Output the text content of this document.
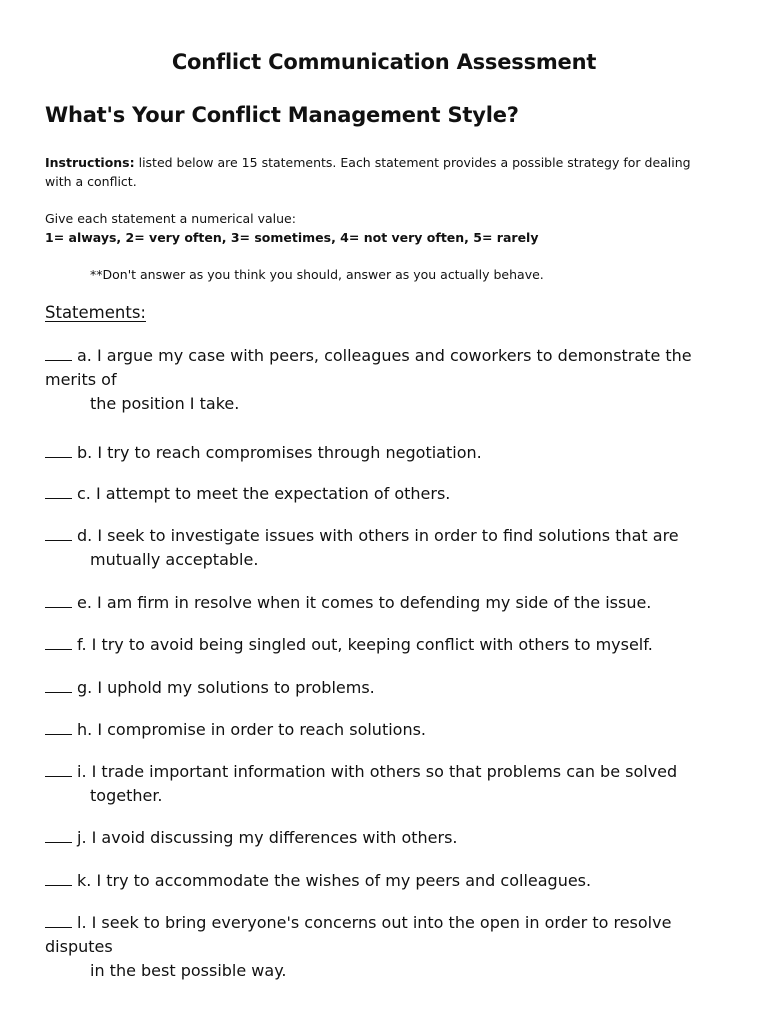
Conflict Communication Assessment
What's Your Conflict Management Style?
Instructions: listed below are 15 statements. Each statement provides a possible strategy for dealing with a conflict.
Give each statement a numerical value:
1= always, 2= very often, 3= sometimes, 4= not very often, 5= rarely
**Don't answer as you think you should, answer as you actually behave.
Statements:
a. I argue my case with peers, colleagues and coworkers to demonstrate the merits of
the position I take.
b. I try to reach compromises through negotiation.
c. I attempt to meet the expectation of others.
d. I seek to investigate issues with others in order to find solutions that are
mutually acceptable.
e. I am firm in resolve when it comes to defending my side of the issue.
f. I try to avoid being singled out, keeping conflict with others to myself.
g. I uphold my solutions to problems.
h. I compromise in order to reach solutions.
i. I trade important information with others so that problems can be solved
together.
j. I avoid discussing my differences with others.
k. I try to accommodate the wishes of my peers and colleagues.
l. I seek to bring everyone's concerns out into the open in order to resolve disputes
in the best possible way.
